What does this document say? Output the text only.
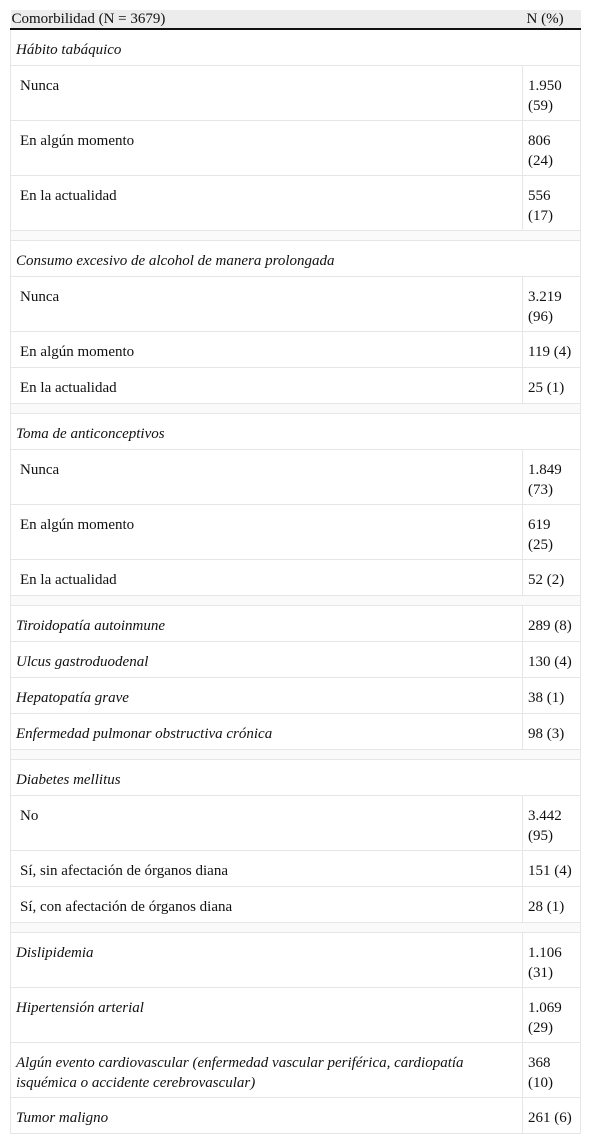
Comorbilidad (N = 3679)	N (%)
Hábito tabáquico	
Nunca	1.950 (59)
En algún momento	806 (24)
En la actualidad	556 (17)

Consumo excesivo de alcohol de manera prolongada	
Nunca	3.219 (96)
En algún momento	119 (4)
En la actualidad	25 (1)

Toma de anticonceptivos	
Nunca	1.849 (73)
En algún momento	619 (25)
En la actualidad	52 (2)

Tiroidopatía autoinmune	289 (8)
Ulcus gastroduodenal	130 (4)
Hepatopatía grave	38 (1)
Enfermedad pulmonar obstructiva crónica	98 (3)

Diabetes mellitus	
No	3.442 (95)
Sí, sin afectación de órganos diana	151 (4)
Sí, con afectación de órganos diana	28 (1)

Dislipidemia	1.106 (31)
Hipertensión arterial	1.069 (29)
Algún evento cardiovascular (enfermedad vascular periférica, cardiopatía isquémica o accidente cerebrovascular)	368 (10)
Tumor maligno	261 (6)
